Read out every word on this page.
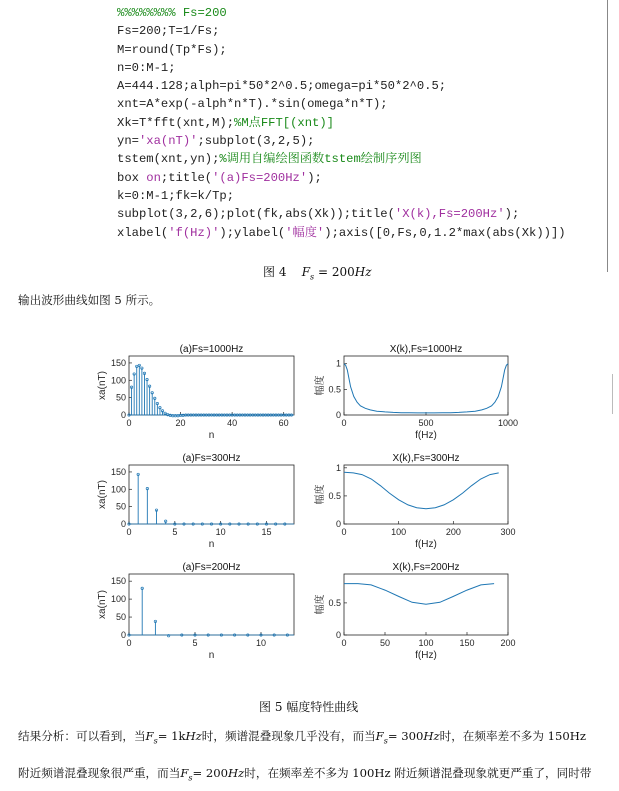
%%%%%%%% Fs=200
Fs=200;T=1/Fs;
M=round(Tp*Fs);
n=0:M-1;
A=444.128;alph=pi*50*2^0.5;omega=pi*50*2^0.5;
xnt=A*exp(-alph*n*T).*sin(omega*n*T);
Xk=T*fft(xnt,M);%M点FFT[(xnt)]
yn='xa(nT)';subplot(3,2,5);
tstem(xnt,yn);%调用自编绘图函数tstem绘制序列图
box on;title('(a)Fs=200Hz');
k=0:M-1;fk=k/Tp;
subplot(3,2,6);plot(fk,abs(Xk));title('X(k),Fs=200Hz');
xlabel('f(Hz)');ylabel('幅度');axis([0,Fs,0,1.2*max(abs(Xk))])
图 4 $F_s = 200Hz$
输出波形曲线如图 5 所示。
0	20	40	60
0
50
100
150
(a)Fs=1000Hz
n
xa(nT)
0	500	1000
0
0.5
1
X(k),Fs=1000Hz
f(Hz)
幅度
0	5	10	15
0
50
100
150
(a)Fs=300Hz
n
xa(nT)
0	100	200	300
0
0.5
1
X(k),Fs=300Hz
f(Hz)
幅度
0	5	10
0
50
100
150
(a)Fs=200Hz
n
xa(nT)
0	50	100	150	200
0
0.5
X(k),Fs=200Hz
f(Hz)
幅度
图 5 幅度特性曲线
结果分析：可以看到，当$F_s= 1kHz$时，频谱混叠现象几乎没有，而当$F_s= 300Hz$时，在频率差不多为 150Hz
附近频谱混叠现象很严重，而当$F_s= 200Hz$时，在频率差不多为 100Hz 附近频谱混叠现象就更严重了，同时带
